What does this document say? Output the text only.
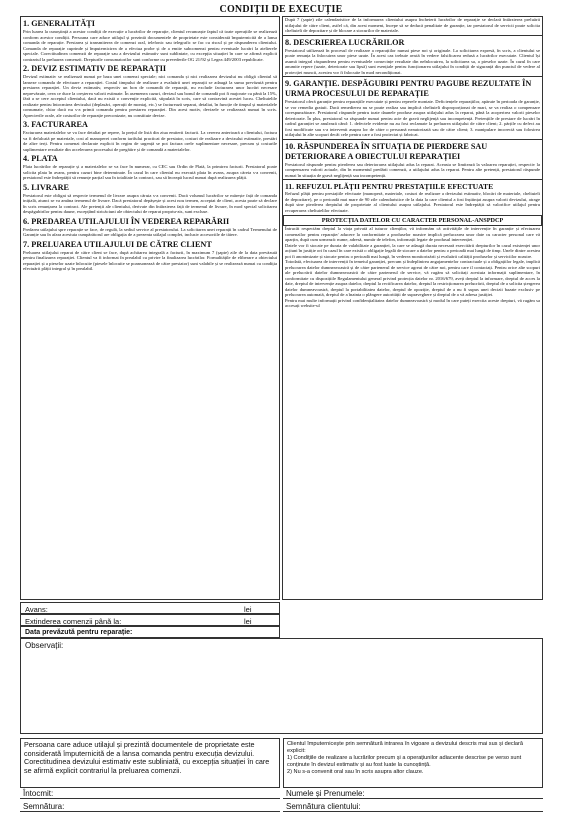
CONDIȚII DE EXECUȚIE
1. GENERALITĂȚI

Prin luarea la cunoștință a acestor condiții de execuție a lucrărilor de reparație, clientul recunoaște faptul că toate operațiile se realizează conform acestor condiții. Persoana care aduce utilajul și prezintă documentele de proprietate este considerată împuternicită de a lansa comanda de reparație. Prestarea și transmiterea de comenzi oral, telefonic sau telegrafic se fac cu riscul și pe răspunderea clientului. Comanda de reparație cuprinde și împuternicirea de a efectua probe și de a emite subcomenzi pentru eventuale lucrări la atelierele speciale. Corectitudinea comenzii de reparație sau a devizului estimativ sunt subliniate, cu excepția situației în care se afirmă explicit contrariul la preluarea comenzii. Drepturile consumatorilor sunt conforme cu prevederile OG 21/92 și Legea 449/2003 republicate.

2. DEVIZ ESTIMATIV DE REPARAȚII

Devizul estimativ se realizează numai pe baza unei comenzi speciale; nici comanda și nici realizarea devizului nu obligă clientul să lanseze comanda de efectuare a reparației. Costul timpului de realizare a evaluării unei reparații se adaugă la suma prevăzută pentru prestarea reparației. Un deviz estimativ, respectiv un bon de comandă de reparații, nu exclude facturarea unor lucrări necesare neprevăzute, ceea ce duce la creșterea valorii estimate. În asemenea cazuri, devizul sau bonul de comandă pot fi majorate cu până la 15%, fără a se cere acceptul clientului, dacă nu există o convenție explicită, stipulată în scris, care să contravină acestei lucru. Cheltuielile realizate pentru întocmirea devizului (deplasări, operații de montaj, etc.) se facturează separat, detaliat, în funcție de timpul și materialele consumate, chiar dacă nu s-a primit comanda pentru prestarea reparației. Din acest motiv, devizele se realizează numai în scris. Aprecierile orale, ale costurilor de reparație preconizate, nu constituie devize.

3. FACTURAREA

Facturarea materialelor se va face detaliat pe repere, la prețul de listă din ziua emiterii facturii. La cererea anterioară a clientului, factura va fi defalcată pe materiale, cost al manoperei conform tarifului practicat de prestator, costuri de realizare a devizului estimativ, prestări de altre terți. Pentru comenzi declarate explicit în regim de urgență se pot factura orele suplimentare necesare, precum și costurile suplimentare rezultate din accelerarea procesului de pregătire și de comandă a materialelor.

4. PLATA

Plata lucrărilor de reparație și a materialelor se va face în numerar, cu CEC sau Ordin de Plată, la primirea facturii. Prestatorul poate solicita plata în avans, pentru cazuri bine determinate. În cazul în care clientul nu execută plata în avans, asupra căreia s-a convenit, prestatorul este îndreptățit să renunțe parțial sau în totalitate la contract, sau să înceapă lucrul numai după realizarea plății.

5. LIVRARE

Prestatorul este obligat să respecte termenul de livrare asupra căruia s-a convenit. Dacă volumul lucrărilor se mărește față de comanda inițială, atunci se va amâna termenul de livrare. Dacă prestatorul depășește și acest nou termen, acceptat de client, acesta poate să declare în scris renunțarea la contract. Ale pretenții ale clientului, derivate din întârzierea față de termenul de livrare, în mod special solicitarea despăgubirilor pentru daune, excepțând stricăciuni ale obiectului de reparat propriu-zis, sunt excluse.

6. PREDAREA UTILAJULUI ÎN VEDEREA REPARĂRII

Predarea utilajului spre reparație se face, de regulă, la sediul service al prestatorului. La solicitarea unei reparații în cadrul Termenului de Garanție sau în afara acestuia cumpărătorul are obligația de a prezenta utilajul complet, inclusiv accesoriile de tăiere.

7. PRELUAREA UTILAJULUI DE CĂTRE CLIENT

Preluarea utilajului reparat de către client se face, după achitarea integrală a facturii, în maximum 7 (șapte) zile de la data prevăzută pentru finalizarea reparației. Clientul va fi informat în prealabil cu privire la finalizarea lucrărilor. Formalitățile de eliberare a obiectului reparației și a pieselor uzate înlocuite (piesele înlocuite se poansonează de către prestator) sunt valabile și se realizează numai cu condiția efectuării plății integral și în prealabil.

După 7 (șapte) zile calendaristice de la informarea clientului asupra încheierii lucrărilor de reparație se declară întârzierea preluării utilajului de către client, astfel că, din acest moment, începe să se deducă penalitate de garanție, iar prestatorul de servicii poate solicita cheltuieli de depozitare și de blocare a stocurilor de materiale.

8. DESCRIEREA LUCRĂRILOR

Prestatorul utilizează în procesul de realizare a reparațiilor numai piese noi și originale. La solicitarea expresă, în scris, a clientului se poate renunța la înlocuirea unor piese uzate. În acest caz trebuie avută în vedere falsificarea redusă a lucrărilor executate. Clientul își asumă integral răspunderea pentru eventualele consecințe rezultate din neînlocuirea, la solicitarea sa, a pieselor uzate. În cazul în care anumite repere (uzate, deteriorate sau lipsă) sunt esențiale pentru funcționarea utilajului în condiții de siguranță din punctul de vedere al protecției muncii, acestea vor fi înlocuite în mod necondiționat.

9. GARANȚIE. DESPĂGUBIRI PENTRU PAGUBE REZULTATE ÎN URMA PROCESULUI DE REPARAȚIE

Prestatorul oferă garanție pentru reparațiile executate și pentru reperele montate. Deficiențele reparațiilor, apărute în perioada de garanție, se vor remedia gratuit. Dacă remedierea nu se poate realiza sau implică cheltuieli disproporționat de mari, se va realiza o compensare corespunzătoare. Prestatorul răspunde pentru toate daunele produse asupra utilajului adus la reparat, până la acoperirea valorii pieselor deteriorate. În plus, prestatorul va răspunde numai pentru acte de gravă neglijență sau incompetență. Pretențiile de prestare de lucrări în cadrul garanției se anulează când: 1. defectele evidente nu au fost reclamate la preluarea utilajului de către client; 2. părțile cu defect au fost modificate sau s-a intervenit asupra lor de către o persoană neautorizată sau de către client; 3. manipulare incorectă sau folosirea utilajului în alte scopuri decât cele pentru care a fost proiectat și fabricat.

10. RĂSPUNDEREA ÎN SITUAȚIA DE PIERDERE SAU DETERIORARE A OBIECTULUI REPARAȚIEI

Prestatorul răspunde pentru pierderea sau deteriorarea utilajului adus la reparat. Aceasta se limitează la valoarea reparației, respectiv la compensarea valorii actuale, din în momentul predării comenzii, a utilajului adus la reparat. Pentru alte pretenții, prestatorul răspunde numai în situația de gravă neglijență sau incompetență.

11. REFUZUL PLĂȚII PENTRU PRESTAȚIILE EFECTUATE

Refuzul plății pentru prestațiile efectuate (manoperă, materiale, costuri de realizare a devizului estimativ, blocări de materiale, cheltuieli de depozitare), pe o perioadă mai mare de 90 zile calendaristice de la data la care clientul a fost înștiințat asupra valorii devizului, atrage după sine pierderea dreptului de proprietate al clientului asupra utilajului. Prestatorul este îndreptățit să valorifice utilajul pentru recuperarea cheltuielilor efectuate.

PROTECȚIA DATELOR CU CARACTER PERSONAL-ANSPDCP

Întrucât respectăm dreptul la viața privată al tuturor clienților, vă informăm că activitățile de intervenție în garanție și efectuarea comenzilor pentru reparație/ aducere la conformitate a produselor noastre implică prelucrarea unor date cu caracter personal care vă aparțin, după cum urmează: nume, adresă, număr de telefon, informații legate de produsul intervenției.

Datele vor fi stocate pe durata de valabilitate a garanției, la care se adaugă durata necesară exercitării drepturilor în cazul existenței unor acțiuni în justiție ori în cazul în care există o obligație legală de stocare a datelor pentru o perioadă mai lungă de timp. Unele dintre acestea pot fi anonimizate și stocate pentru o perioadă mai lungă, în vederea monitorizării și evaluării calității produselor și serviciilor noastre.

Totodată, efectuarea de intervenții în temeiul garanției, precum și îndeplinirea angajamentelor contractuale și a obligațiilor legale, implică prelucrarea datelor dumneavoastră și de către partenerul de service agreat de către noi, pentru care il contactați. Pentru orice alte scopuri ale prelucrării datelor dumneavoastră de către partenerul de service, vă rugăm să solicitați acestuia informații suplimentare, în conformitate cu dispozițiile Regulamentului general privind protecția datelor nr. 2016/679, aveți dreptul la informare, dreptul de acces la date, dreptul de intervenție asupra datelor, dreptul la rectificarea datelor, dreptul la restricționarea prelucrării, dreptul de a solicita ștergerea datelor dumneavoastră, dreptul la portabilitatea datelor, dreptul de opoziție, dreptul de a nu fi supus unei decizii bazate exclusiv pe prelucrarea automată, dreptul de a înainta o plângere autorității de supraveghere și dreptul de a vă adresa justiției.

Pentru mai multe informații privind confidențialitatea datelor dumneavoastră și modul în care puteți exercita aceste drepturi, vă rugăm sa accesați website-ul

Avans:	lei
Extinderea comenzii până la:	lei
Data prevăzută pentru reparație:
Observații:
Persoana care aduce utilajul și prezintă documentele de proprietate este considerată împuternicită de a lansa comanda pentru execuția devizului. Corectitudinea devizului estimativ este subliniată, cu excepția situației în care se afirmă explicit contrariul la preluarea comenzii.
Clientul împuternicește prin semnătură intrarea în vigoare a devizului descris mai sus și declară explicit:
1) Condițiile de realizare a lucrărilor precum și a operațiunilor adiacente descrise pe verso sunt conținute în devizul estimativ și au fost luate la cunoștință.
2) Nu s-a convenit oral sau în scris asupra altor clauze.
Întocmit:	Numele și Prenumele:
Semnătura:	Semnătura clientului:
